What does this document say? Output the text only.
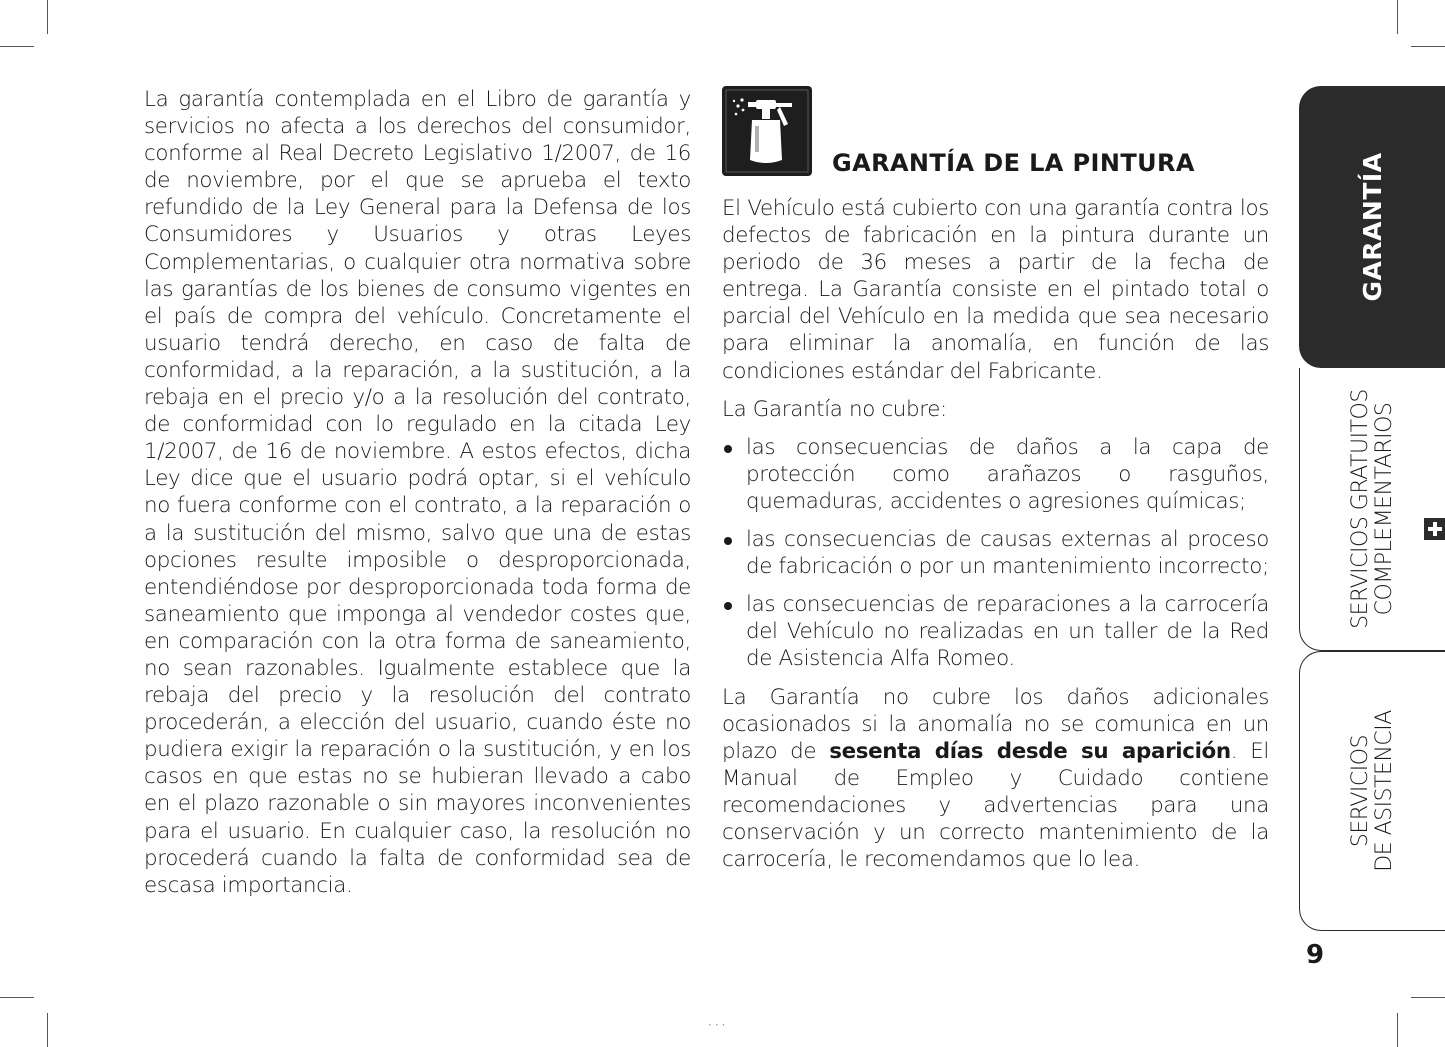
La garantía contemplada en el Libro de garantía y servicios no afecta a los derechos del consumidor, conforme al Real Decreto Legislativo 1/2007, de 16 de noviembre, por el que se aprueba el texto refundido de la Ley General para la Defensa de los Consumidores y Usuarios y otras Leyes Complementarias, o cualquier otra normativa sobre las garantías de los bienes de consumo vigentes en el país de compra del vehículo. Concretamente el usuario tendrá derecho, en caso de falta de conformidad, a la reparación, a la sustitución, a la rebaja en el precio y/o a la resolución del contrato, de conformidad con lo regulado en la citada Ley 1/2007, de 16 de noviembre. A estos efectos, dicha Ley dice que el usuario podrá optar, si el vehículo no fuera conforme con el contrato, a la reparación o a la sustitución del mismo, salvo que una de estas opciones resulte imposible o desproporcionada, entendiéndose por desproporcionada toda forma de saneamiento que imponga al vendedor costes que, en comparación con la otra forma de saneamiento, no sean razonables. Igualmente establece que la rebaja del precio y la resolución del contrato procederán, a elección del usuario, cuando éste no pudiera exigir la reparación o la sustitución, y en los casos en que estas no se hubieran llevado a cabo en el plazo razonable o sin mayores inconvenientes para el usuario. En cualquier caso, la resolución no procederá cuando la falta de conformidad sea de escasa importancia.

GARANTÍA DE LA PINTURA

El Vehículo está cubierto con una garantía contra los defectos de fabricación en la pintura durante un periodo de 36 meses a partir de la fecha de entrega. La Garantía consiste en el pintado total o parcial del Vehículo en la medida que sea necesario para eliminar la anomalía, en función de las condiciones estándar del Fabricante.

La Garantía no cubre:

las consecuencias de daños a la capa de protección como arañazos o rasguños, quemaduras, accidentes o agresiones químicas;
las consecuencias de causas externas al proceso de fabricación o por un mantenimiento incorrecto;
las consecuencias de reparaciones a la carrocería del Vehículo no realizadas en un taller de la Red de Asistencia Alfa Romeo.

La Garantía no cubre los daños adicionales ocasionados si la anomalía no se comunica en un plazo de sesenta días desde su aparición. El Manual de Empleo y Cuidado contiene recomendaciones y advertencias para una conservación y un correcto mantenimiento de la carrocería, le recomendamos que lo lea.

GARANTÍA
SERVICIOS GRATUITOS COMPLEMENTARIOS
SERVICIOS DE ASISTENCIA
9
···
